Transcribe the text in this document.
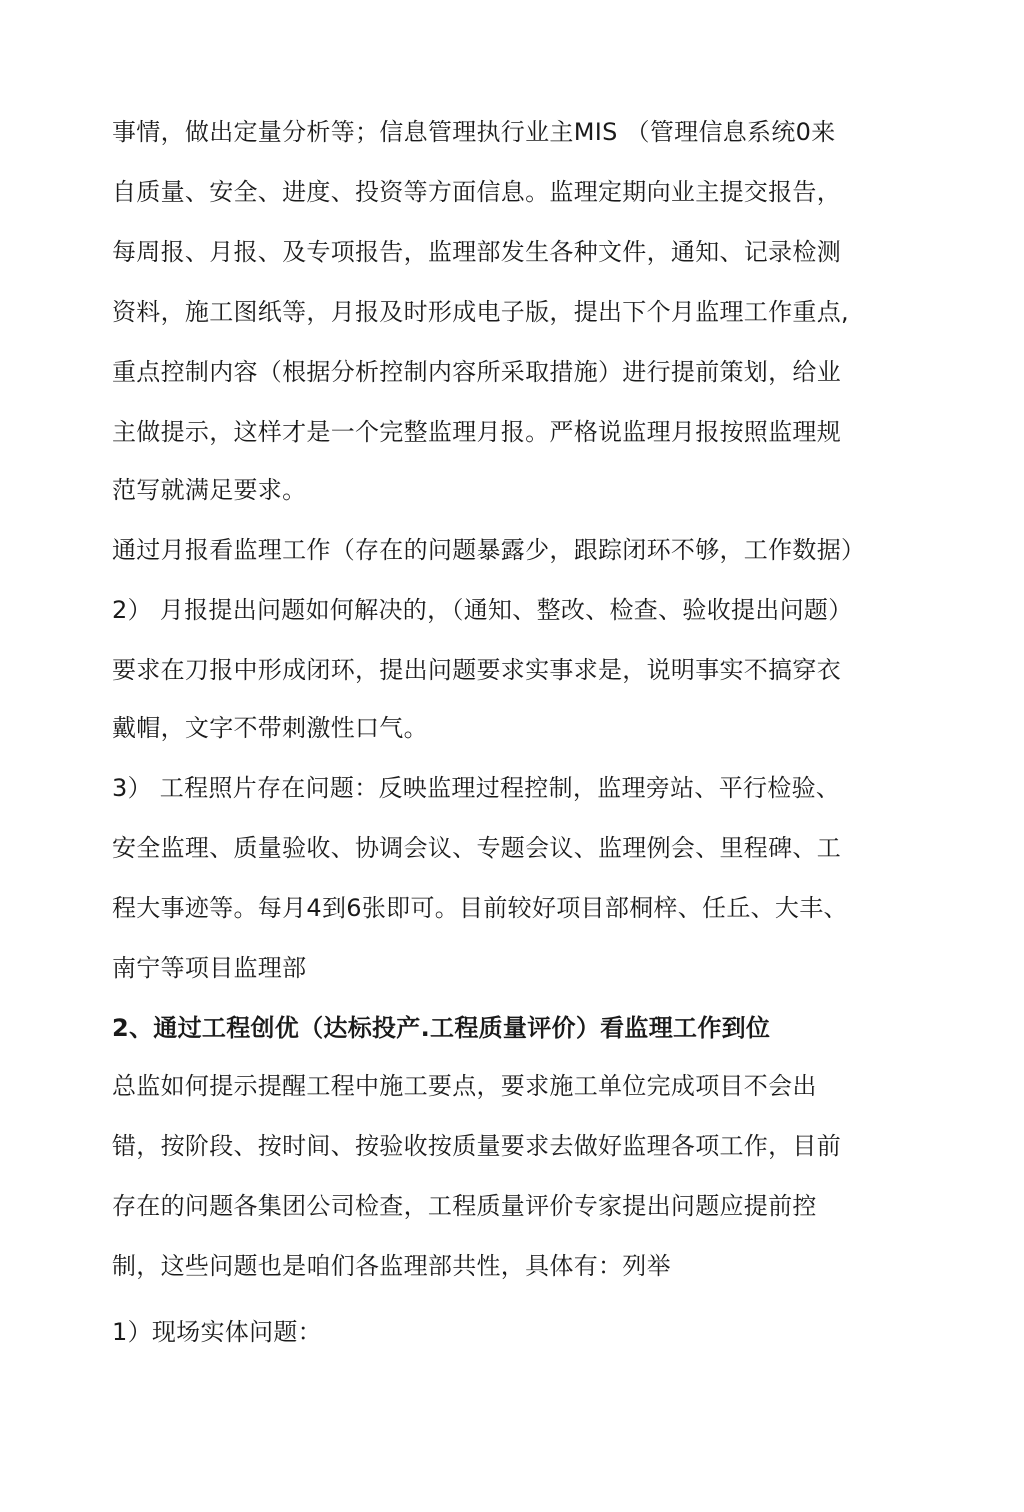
事情，做出定量分析等；信息管理执行业主MIS （管理信息系统0来
自质量、安全、进度、投资等方面信息。监理定期向业主提交报告，
每周报、月报、及专项报告，监理部发生各种文件，通知、记录检测
资料，施工图纸等，月报及时形成电子版，提出下个月监理工作重点,
重点控制内容（根据分析控制内容所采取措施）进行提前策划，给业
主做提示，这样才是一个完整监理月报。严格说监理月报按照监理规
范写就满足要求。
通过月报看监理工作（存在的问题暴露少，跟踪闭环不够，工作数据）
2） 月报提出问题如何解决的，（通知、整改、检查、验收提出问题）
要求在刀报中形成闭环，提出问题要求实事求是，说明事实不搞穿衣
戴帽，文字不带刺激性口气。
3） 工程照片存在问题：反映监理过程控制，监理旁站、平行检验、
安全监理、质量验收、协调会议、专题会议、监理例会、里程碑、工
程大事迹等。每月4到6张即可。目前较好项目部桐梓、任丘、大丰、
南宁等项目监理部
2、通过工程创优（达标投产.工程质量评价）看监理工作到位
总监如何提示提醒工程中施工要点，要求施工单位完成项目不会出
错，按阶段、按时间、按验收按质量要求去做好监理各项工作，目前
存在的问题各集团公司检查，工程质量评价专家提出问题应提前控
制，这些问题也是咱们各监理部共性，具体有：列举
1）现场实体问题：
